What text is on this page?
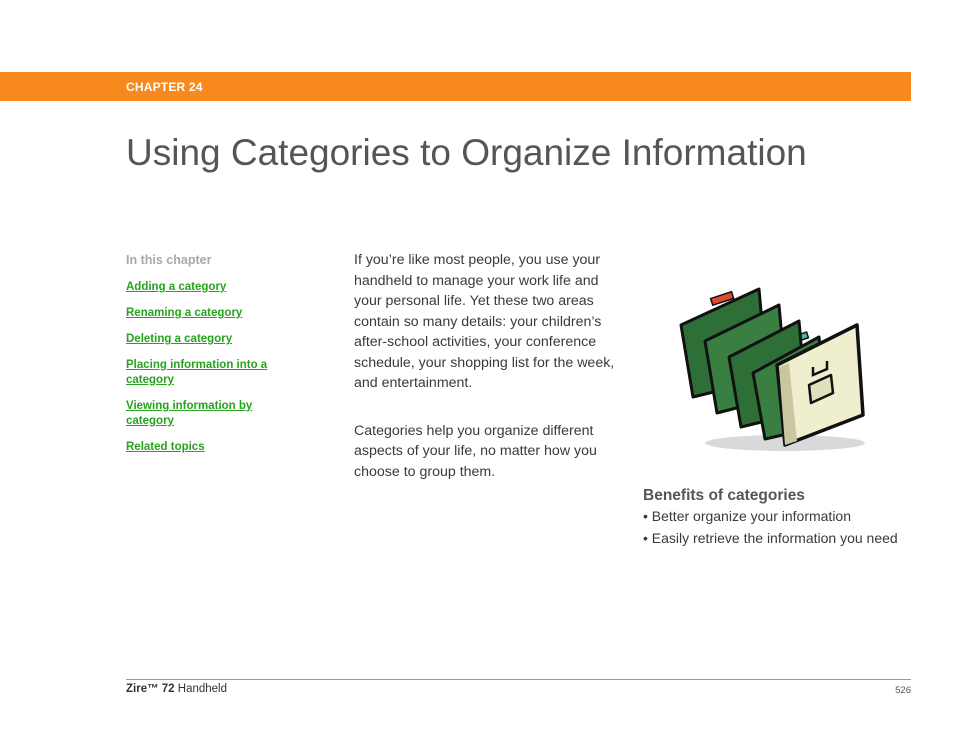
CHAPTER 24
Using Categories to Organize Information
In this chapter
Adding a category
Renaming a category
Deleting a category
Placing information into a category
Viewing information by category
Related topics

If you’re like most people, you use your handheld to manage your work life and your personal life. Yet these two areas contain so many details: your children’s after-school activities, your conference schedule, your shopping list for the week, and entertainment.

Categories help you organize different aspects of your life, no matter how you choose to group them.

Benefits of categories
• Better organize your information
• Easily retrieve the information you need
Zire™ 72 Handheld	526
